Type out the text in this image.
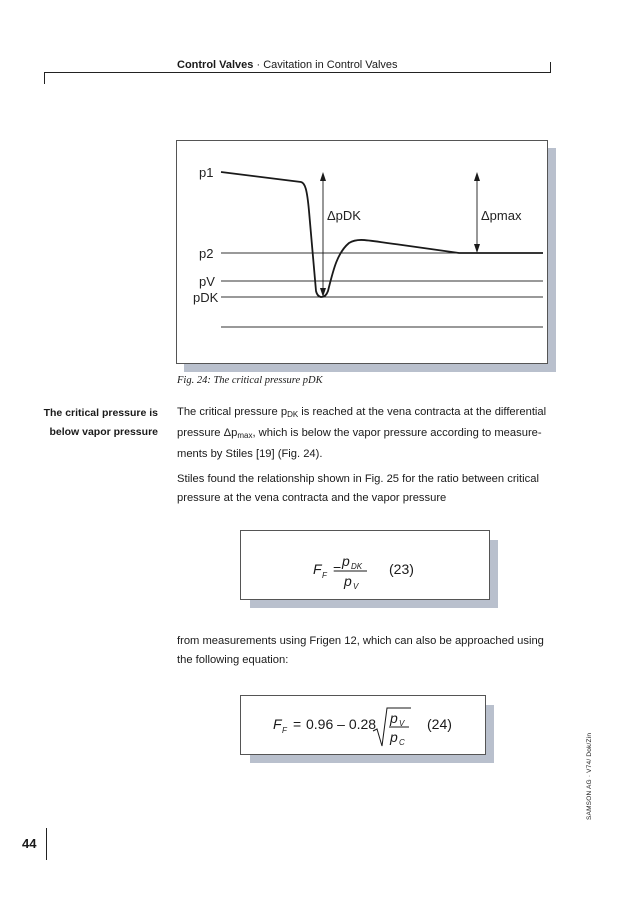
Control Valves · Cavitation in Control Valves
p1
p2
pV
pDK
ΔpDK	Δpmax
Fig. 24: The critical pressure pDK
The critical pressure is
below vapor pressure
The critical pressure $p_{DK}$ is reached at the vena contracta at the differential pressure $\Delta p_{max}$, which is below the vapor pressure according to measurements by Stiles [19] (Fig. 24).
Stiles found the relationship shown in Fig. 25 for the ratio between critical pressure at the vena contracta and the vapor pressure
F F = p DK
p V
(23)
from measurements using Frigen 12, which can also be approached using the following equation:
F F = 0.96 – 0.28 p V
p C
(24)
44
SAMSON AG · V74/ Dok/Zin
